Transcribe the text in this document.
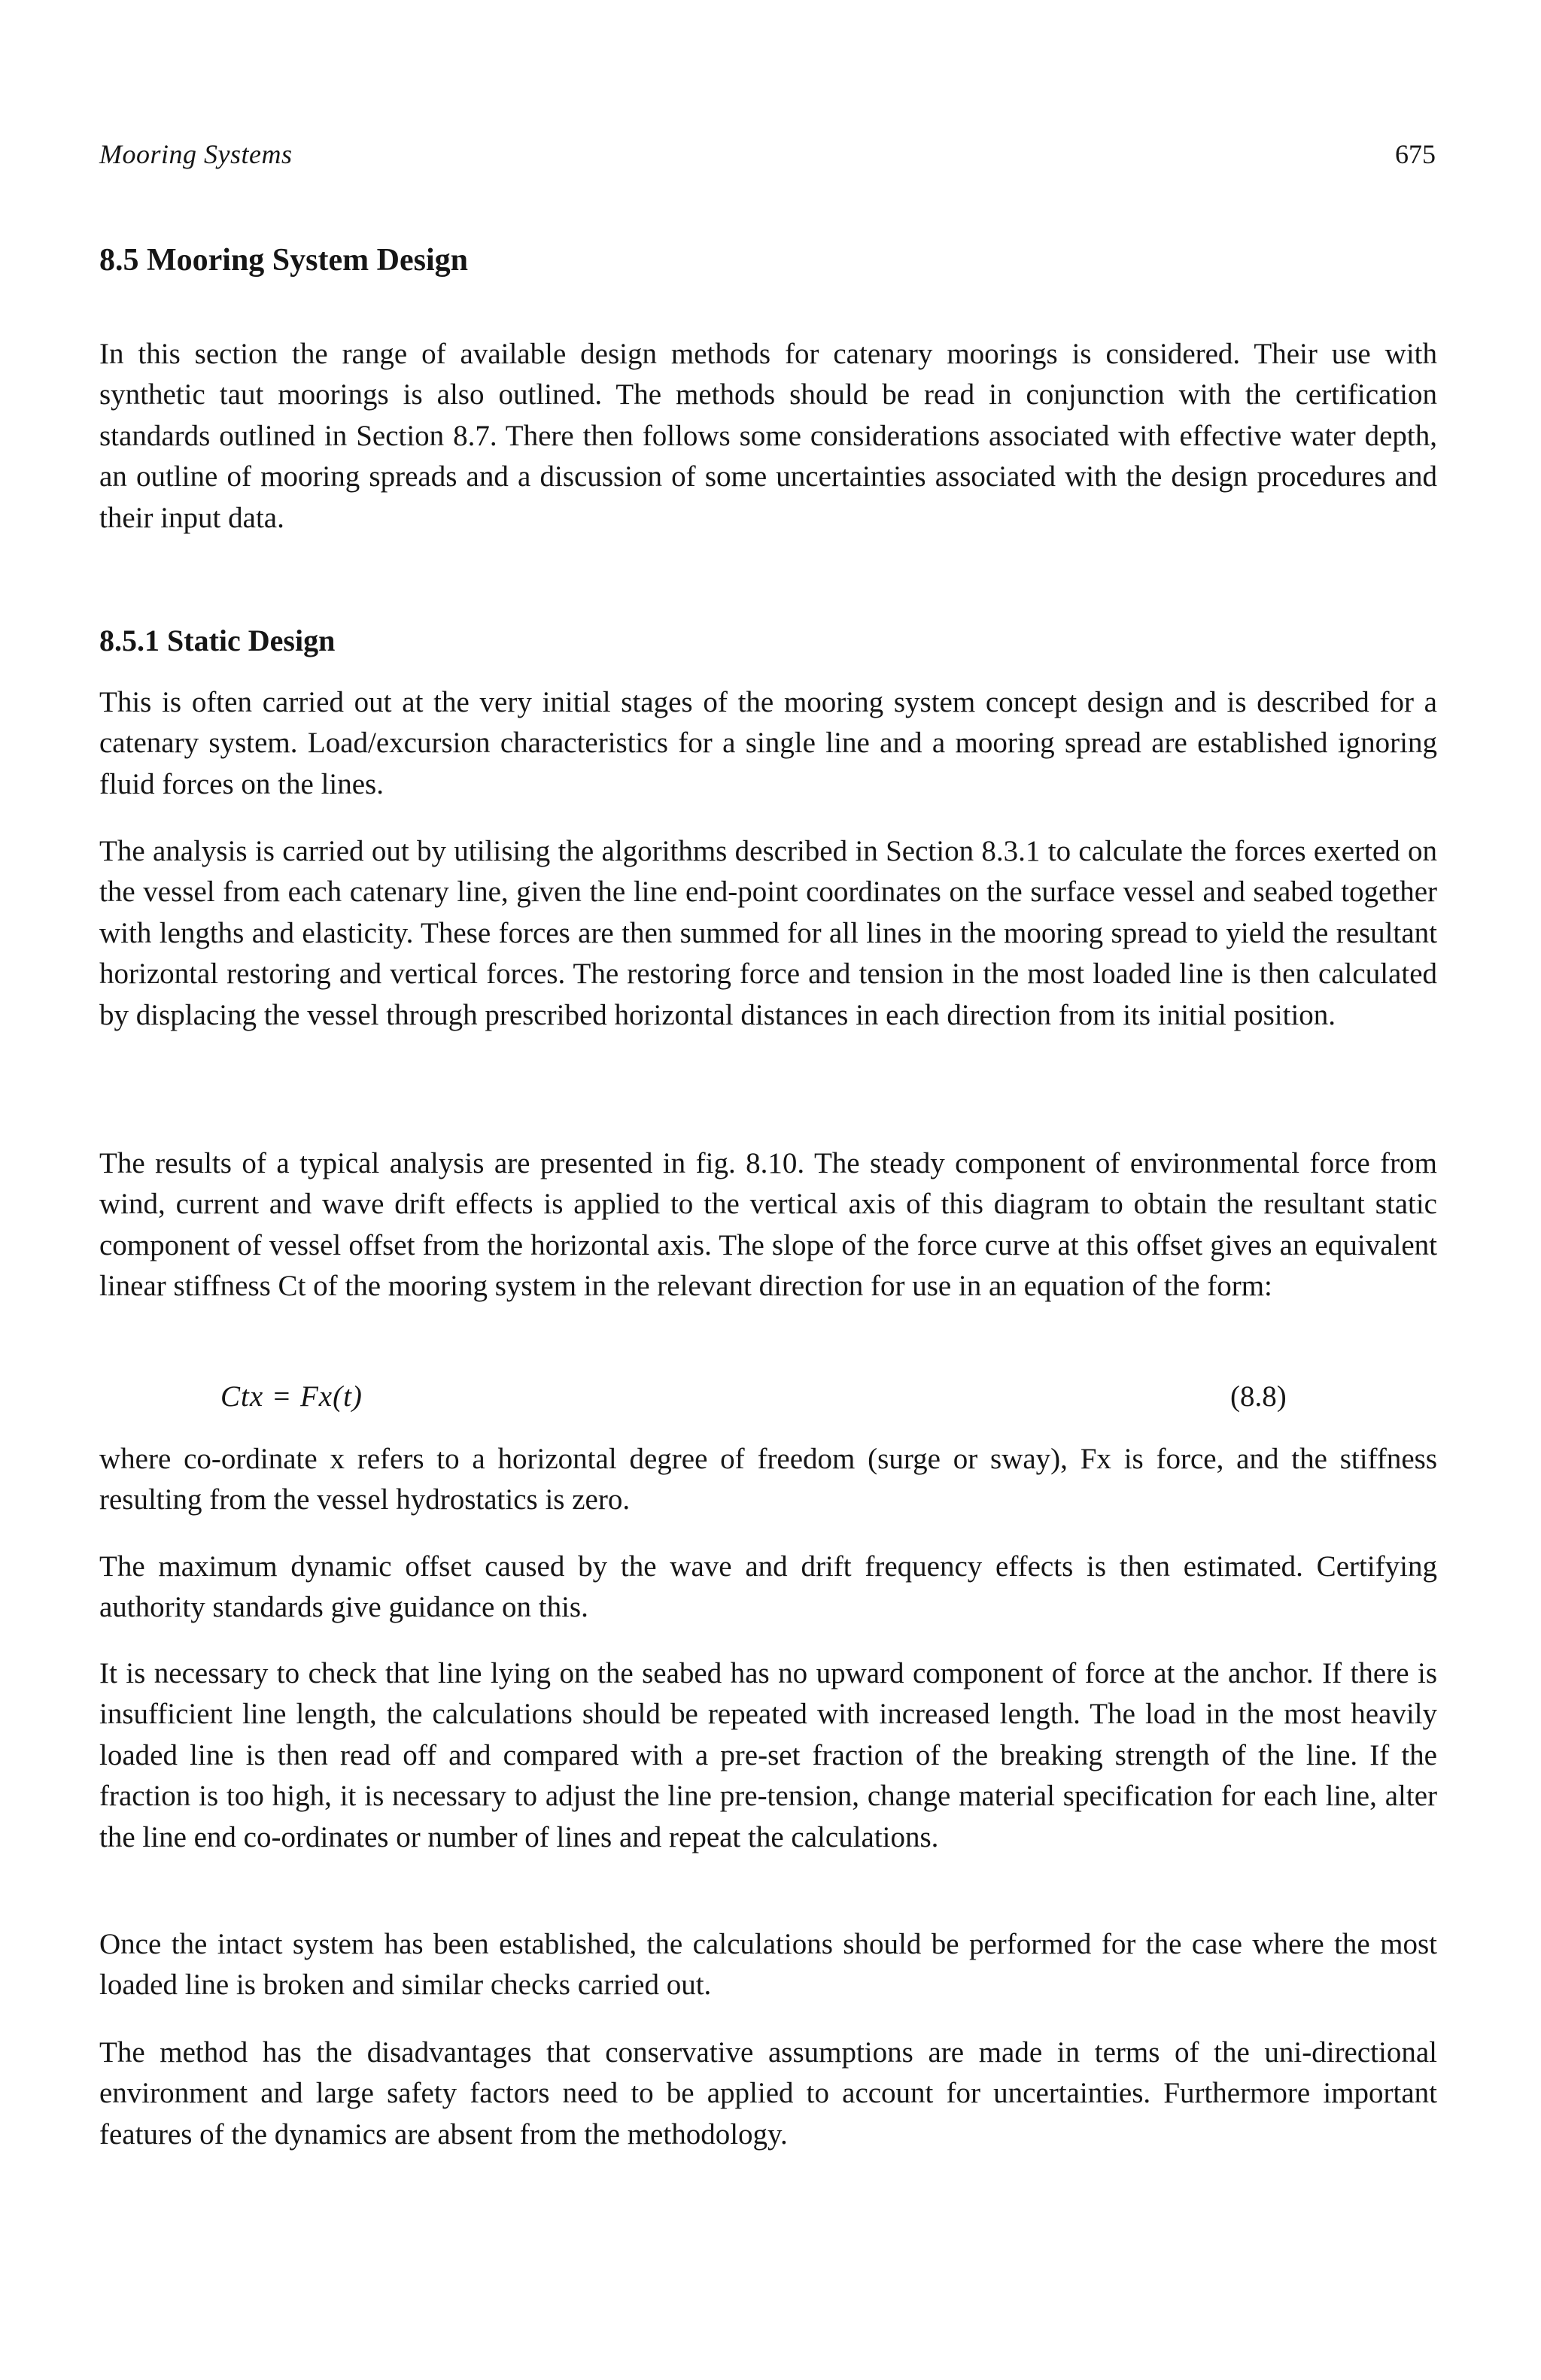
Mooring Systems	675
8.5 Mooring System Design

In this section the range of available design methods for catenary moorings is considered. Their use with synthetic taut moorings is also outlined. The methods should be read in conjunction with the certification standards outlined in Section 8.7. There then follows some considerations associated with effective water depth, an outline of mooring spreads and a discussion of some uncertainties associated with the design procedures and their input data.

8.5.1 Static Design

This is often carried out at the very initial stages of the mooring system concept design and is described for a catenary system. Load/excursion characteristics for a single line and a mooring spread are established ignoring fluid forces on the lines.

The analysis is carried out by utilising the algorithms described in Section 8.3.1 to calculate the forces exerted on the vessel from each catenary line, given the line end-point coordinates on the surface vessel and seabed together with lengths and elasticity. These forces are then summed for all lines in the mooring spread to yield the resultant horizontal restoring and vertical forces. The restoring force and tension in the most loaded line is then calculated by displacing the vessel through prescribed horizontal distances in each direction from its initial position.

The results of a typical analysis are presented in fig. 8.10. The steady component of environmental force from wind, current and wave drift effects is applied to the vertical axis of this diagram to obtain the resultant static component of vessel offset from the horizontal axis. The slope of the force curve at this offset gives an equivalent linear stiffness Ct of the mooring system in the relevant direction for use in an equation of the form:

Ctx = Fx(t)	(8.8)

where co-ordinate x refers to a horizontal degree of freedom (surge or sway), Fx is force, and the stiffness resulting from the vessel hydrostatics is zero.

The maximum dynamic offset caused by the wave and drift frequency effects is then estimated. Certifying authority standards give guidance on this.

It is necessary to check that line lying on the seabed has no upward component of force at the anchor. If there is insufficient line length, the calculations should be repeated with increased length. The load in the most heavily loaded line is then read off and compared with a pre-set fraction of the breaking strength of the line. If the fraction is too high, it is necessary to adjust the line pre-tension, change material specification for each line, alter the line end co-ordinates or number of lines and repeat the calculations.

Once the intact system has been established, the calculations should be performed for the case where the most loaded line is broken and similar checks carried out.

The method has the disadvantages that conservative assumptions are made in terms of the uni-directional environment and large safety factors need to be applied to account for uncertainties. Furthermore important features of the dynamics are absent from the methodology.
